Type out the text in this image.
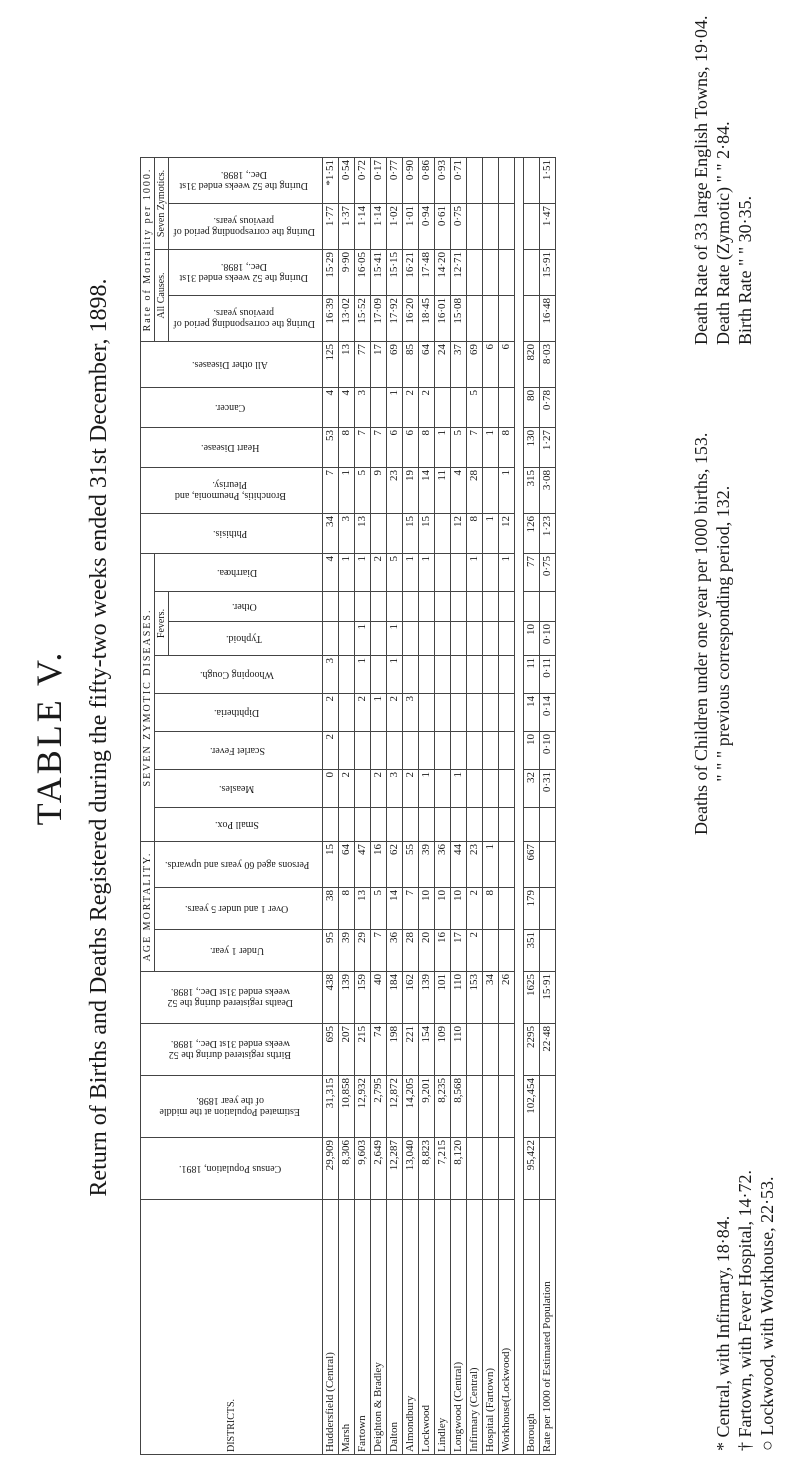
TABLE V. Return of Births and Deaths Registered during the fifty-two weeks ended 31st December, 1898.
DISTRICTS.	Census Population, 1891.	Estimated Population at the middle of the year 1898.	Births registered during the 52 weeks ended 31st Dec., 1898.	Deaths registered during the 52 weeks ended 31st Dec., 1898.	AGE MORTALITY.			SEVEN ZYMOTIC DISEASES.								Phthisis.	Bronchitis, Pneumonia, and Pleurisy.	Heart Disease.	Cancer.	All other Diseases.	Rate of Mortality per 1000.			
					Under 1 year.	Over 1 and under 5 years.	Persons aged 60 years and upwards.	Small Pox.	Measles.	Scarlet Fever.	Diphtheria.	Whooping Cough.	Fevers.		Diarrhœa.						All Causes.		Seven Zymotics.	
													Typhoid.	Other.							During the corresponding period of previous years.	During the 52 weeks ended 31st Dec., 1898.	During the corresponding period of previous years.	During the 52 weeks ended 31st Dec., 1898.
Huddersfield (Central)	29,909	31,315	695	438	95	38	15		0	2	2	3			4	34	7	53	4	125	16·39	15·29	1·77	*1·51
Marsh	8,306	10,858	207	139	39	8	64		2						1	3	1	8	4	13	13·02	9·90	1·37	0·54
Fartown	9,603	12,932	215	159	29	13	47				2	1	1		1	13	5	7	3	77	15·52	16·05	1·14	0·72
Deighton & Bradley	2,649	2,795	74	40	7	5	16		2		1				2		9	7		17	17·09	15·41	1·14	0·17
Dalton	12,287	12,872	198	184	36	14	62		3		2	1	1		5		23	6	1	69	17·92	15·15	1·02	0·77
Almondbury	13,040	14,205	221	162	28	7	55		2		3				1	15	19	6	2	85	16·20	16·21	1·01	0·90
Lockwood	8,823	9,201	154	139	20	10	39		1						1	15	14	8	2	64	18·45	17·48	0·94	0·86
Lindley	7,215	8,235	109	101	16	10	36										11	1		24	16·01	14·20	0·61	0·93
Longwood (Central)	8,120	8,568	110	110	17	10	44		1							12	4	5		37	15·08	12·71	0·75	0·71
Infirmary (Central)				153	2	2	23								1	8	28	7	5	69				
Hospital (Fartown)				34		8	1									1		1		6				
Workhouse(Lockwood)				26											1	12	1	8		6				

Borough	95,422	102,454	2295	1625	351	179	667		32	10	14	11	10		77	126	315	130	80	820				
Rate per 1000 of Estimated Population			22·48	15·91					0·31	0·10	0·14	0·11	0·10		0·75	1·23	3·08	1·27	0·78	8·03	16·48	15·91	1·47	1·51
* Central, with Infirmary, 18·84. † Fartown, with Fever Hospital, 14·72. ○ Lockwood, with Workhouse, 22·53.
Deaths of Children under one year per 1000 births, 153. " " " previous corresponding period, 132.
Death Rate of 33 large English Towns, 19·04. Death Rate (Zymotic) " " 2·84. Birth Rate " " 30·35.
